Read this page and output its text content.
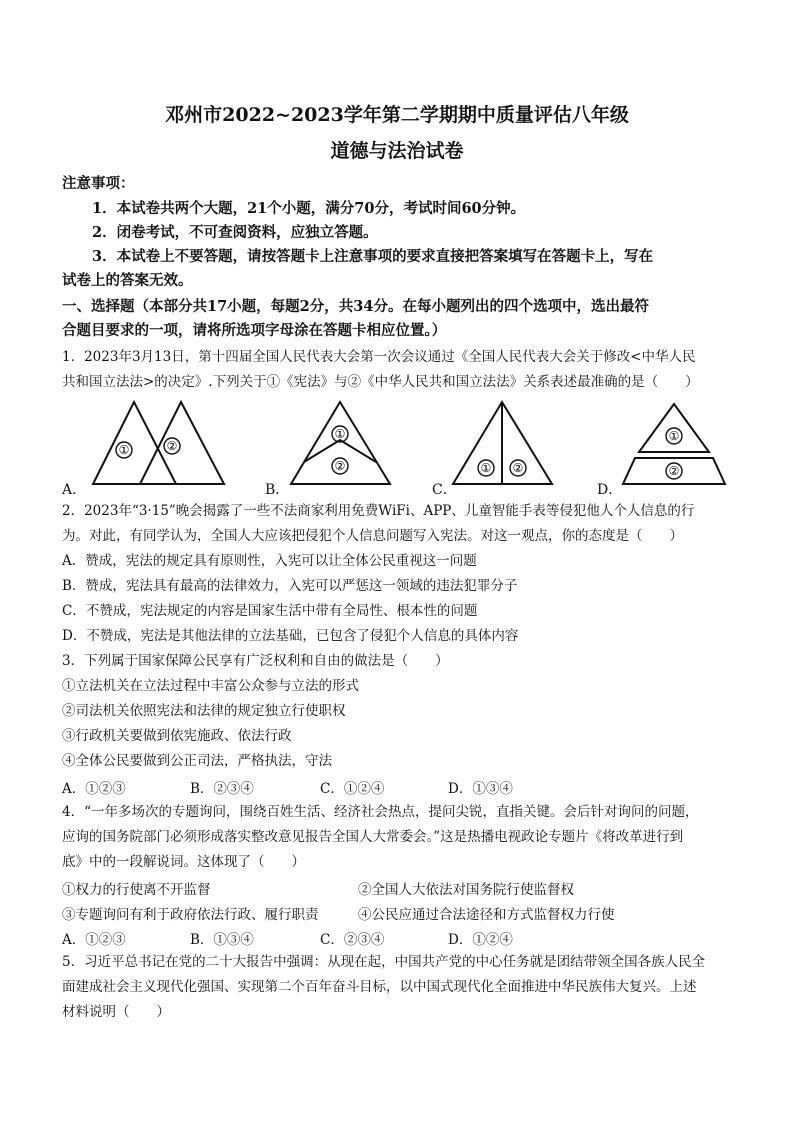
邓州市2022~2023学年第二学期期中质量评估八年级
道德与法治试卷
注意事项：
1．本试卷共两个大题，21个小题，满分70分，考试时间60分钟。
2．闭卷考试，不可查阅资料，应独立答题。
3．本试卷上不要答题，请按答题卡上注意事项的要求直接把答案填写在答题卡上，写在
试卷上的答案无效。
一、选择题（本部分共17小题，每题2分，共34分。在每小题列出的四个选项中，选出最符
合题目要求的一项，请将所选项字母涂在答题卡相应位置。）
1．2023年3月13日，第十四届全国人民代表大会第一次会议通过《全国人民代表大会关于修改<中华人民
共和国立法法>的决定》.下列关于①《宪法》与②《中华人民共和国立法法》关系表述最准确的是（　　）
A．
①	②
B．
①
②
C．
① ②
D．
①
②
2．2023年“3·15”晚会揭露了一些不法商家利用免费WiFi、APP、儿童智能手表等侵犯他人个人信息的行
为。对此，有同学认为，全国人大应该把侵犯个人信息问题写入宪法。对这一观点，你的态度是（　　）
A．赞成，宪法的规定具有原则性，入宪可以让全体公民重视这一问题
B．赞成，宪法具有最高的法律效力，入宪可以严惩这一领域的违法犯罪分子
C．不赞成，宪法规定的内容是国家生活中带有全局性、根本性的问题
D．不赞成，宪法是其他法律的立法基础，已包含了侵犯个人信息的具体内容
3．下列属于国家保障公民享有广泛权利和自由的做法是（　　）
①立法机关在立法过程中丰富公众参与立法的形式
②司法机关依照宪法和法律的规定独立行使职权
③行政机关要做到依宪施政、依法行政
④全体公民要做到公正司法，严格执法，守法
A．①②③	B．②③④	C．①②④	D．①③④
4．“一年多场次的专题询问，围绕百姓生活、经济社会热点，提问尖锐，直指关键。会后针对询问的问题，
应询的国务院部门必须形成落实整改意见报告全国人大常委会。”这是热播电视政论专题片《将改革进行到
底》中的一段解说词。这体现了（　　）
①权力的行使离不开监督	②全国人大依法对国务院行使监督权
③专题询问有利于政府依法行政、履行职责	④公民应通过合法途径和方式监督权力行使
A．①②③	B．①③④	C．②③④	D．①②④
5．习近平总书记在党的二十大报告中强调：从现在起，中国共产党的中心任务就是团结带领全国各族人民全
面建成社会主义现代化强国、实现第二个百年奋斗目标，以中国式现代化全面推进中华民族伟大复兴。上述
材料说明（　　）
